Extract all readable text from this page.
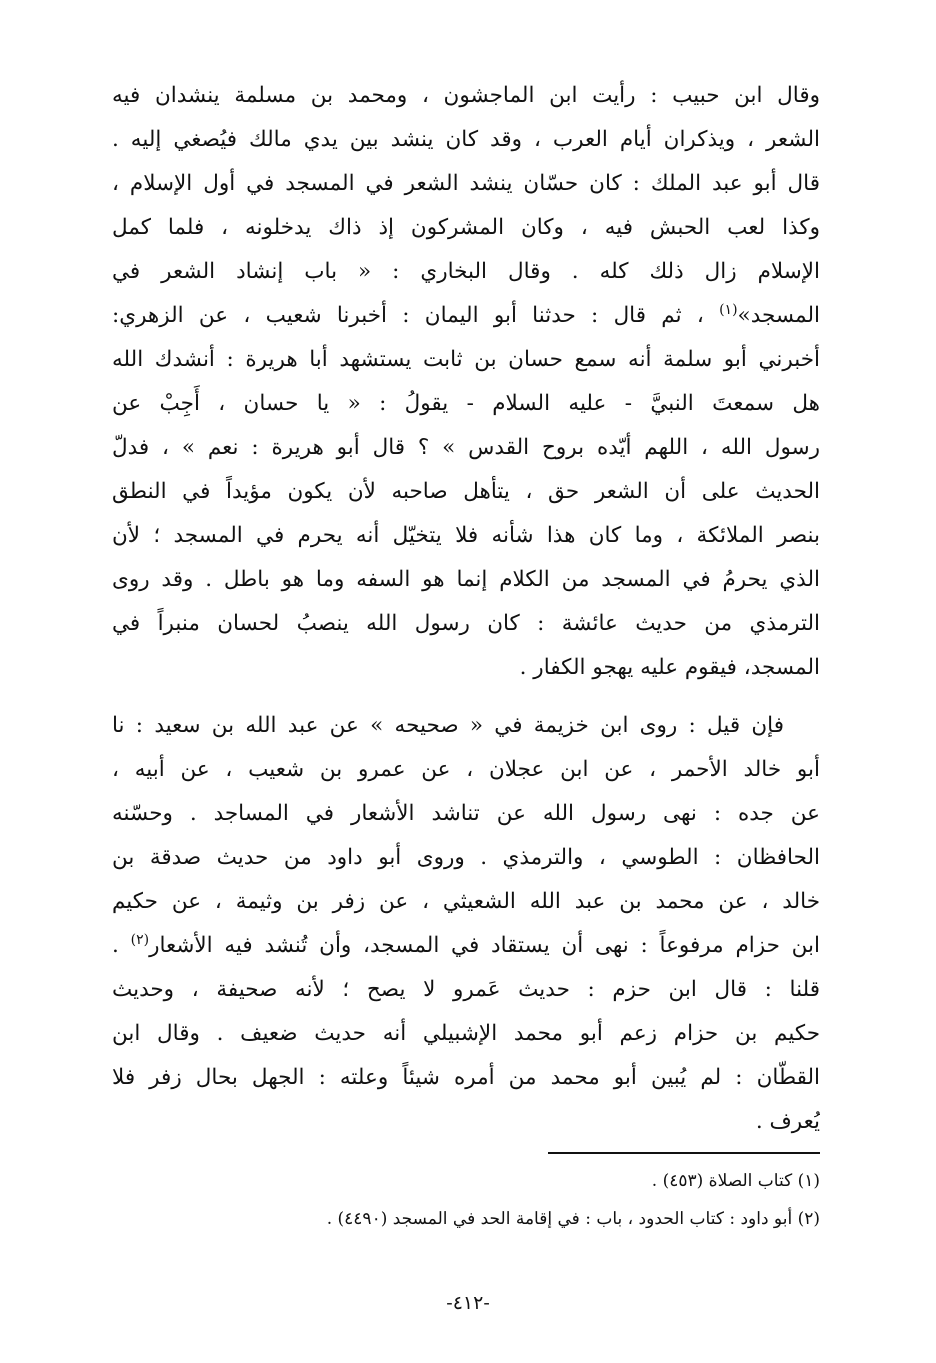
وقال ابن حبيب : رأيت ابن الماجشون ، ومحمد بن مسلمة ينشدان فيه
الشعر ، ويذكران أيام العرب ، وقد كان ينشد بين يدي مالك فيُصغي إليه .
قال أبو عبد الملك : كان حسّان ينشد الشعر في المسجد في أول الإسلام ،
وكذا لعب الحبش فيه ، وكان المشركون إذ ذاك يدخلونه ، فلما كمل
الإسلام زال ذلك كله . وقال البخاري : « باب إنشاد الشعر في
المسجد»$^{(١)}$ ، ثم قال : حدثنا أبو اليمان : أخبرنا شعيب ، عن الزهري:
أخبرني أبو سلمة أنه سمع حسان بن ثابت يستشهد أبا هريرة : أنشدك الله
هل سمعتَ النبيَّ - عليه السلام - يقولُ : « يا حسان ، أَجِبْ عن
رسول الله ، اللهم أيّده بروح القدس » ؟ قال أبو هريرة : نعم » ، فدلّ
الحديث على أن الشعر حق ، يتأهل صاحبه لأن يكون مؤيداً في النطق
بنصر الملائكة ، وما كان هذا شأنه فلا يتخيّل أنه يحرم في المسجد ؛ لأن
الذي يحرمُ في المسجد من الكلام إنما هو السفه وما هو باطل . وقد روى
الترمذي من حديث عائشة : كان رسول الله ينصبُ لحسان منبراً في
المسجد، فيقوم عليه يهجو الكفار .

فإن قيل : روى ابن خزيمة في « صحيحه » عن عبد الله بن سعيد : نا
أبو خالد الأحمر ، عن ابن عجلان ، عن عمرو بن شعيب ، عن أبيه ،
عن جده : نهى رسول الله عن تناشد الأشعار في المساجد . وحسّنه
الحافظان : الطوسي ، والترمذي . وروى أبو داود من حديث صدقة بن
خالد ، عن محمد بن عبد الله الشعيثي ، عن زفر بن وثيمة ، عن حكيم
ابن حزام مرفوعاً : نهى أن يستقاد في المسجد، وأن تُنشد فيه الأشعار$^{(٢)}$ .
قلنا : قال ابن حزم : حديث عَمرو لا يصح ؛ لأنه صحيفة ، وحديث
حكيم بن حزام زعم أبو محمد الإشبيلي أنه حديث ضعيف . وقال ابن
القطّان : لم يُبين أبو محمد من أمره شيئاً وعلته : الجهل بحال زفر فلا
يُعرف .

(١) كتاب الصلاة (٤٥٣) .
(٢) أبو داود : كتاب الحدود ، باب : في إقامة الحد في المسجد (٤٤٩٠) .
-٤١٢-
